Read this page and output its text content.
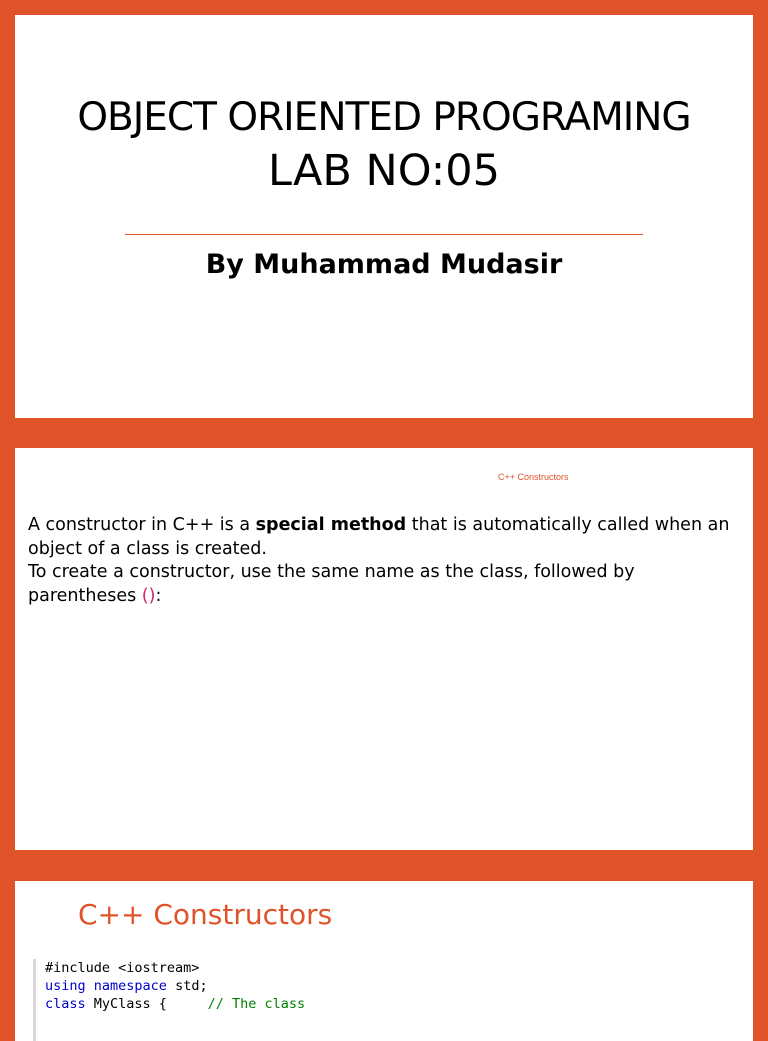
OBJECT ORIENTED PROGRAMING
LAB NO:05
By Muhammad Mudasir
C++ Constructors

A constructor in C++ is a special method that is automatically called when an object of a class is created.

To create a constructor, use the same name as the class, followed by parentheses ():

C++ Constructors
#include <iostream>
using namespace std;
class MyClass {     // The class
